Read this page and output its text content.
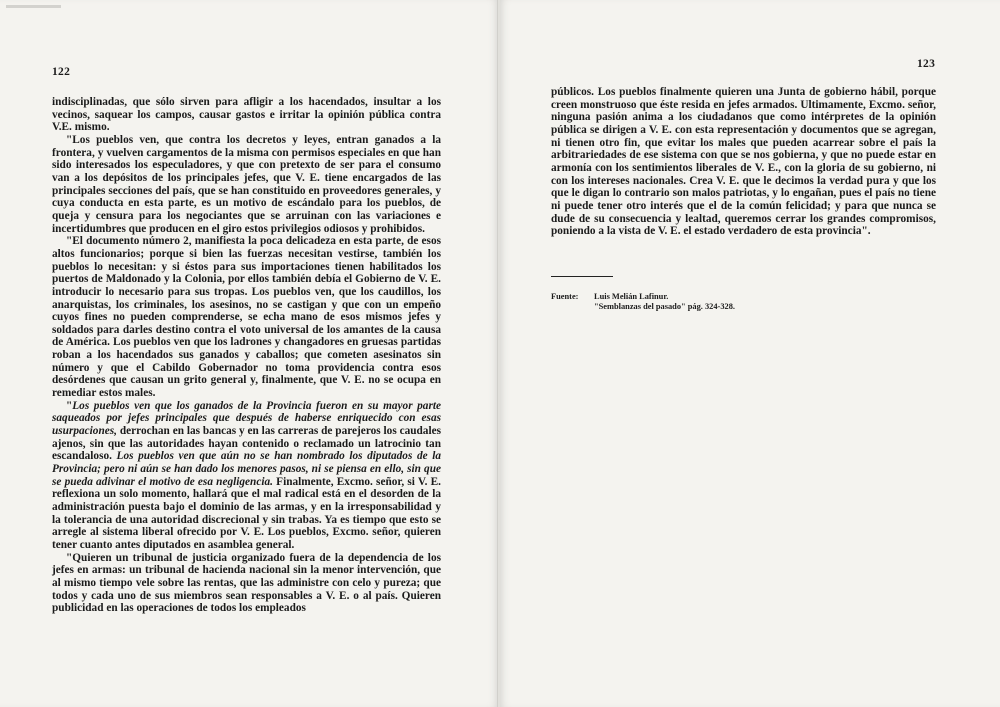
122

indisciplinadas, que sólo sirven para afligir a los hacendados, insultar a los vecinos, saquear los campos, causar gastos e irritar la opinión pública contra V.E. mismo.

"Los pueblos ven, que contra los decretos y leyes, entran ganados a la frontera, y vuelven cargamentos de la misma con permisos especiales en que han sido interesados los especuladores, y que con pretexto de ser para el consumo van a los depósitos de los principales jefes, que V. E. tiene encargados de las principales secciones del país, que se han constituido en proveedores generales, y cuya conducta en esta parte, es un motivo de escándalo para los pueblos, de queja y censura para los negociantes que se arruinan con las variaciones e incertidumbres que producen en el giro estos privilegios odiosos y prohibidos.

"El documento número 2, manifiesta la poca delicadeza en esta parte, de esos altos funcionarios; porque si bien las fuerzas necesitan vestirse, también los pueblos lo necesitan: y si éstos para sus importaciones tienen habilitados los puertos de Maldonado y la Colonia, por ellos también debía el Gobierno de V. E. introducir lo necesario para sus tropas. Los pueblos ven, que los caudillos, los anarquistas, los criminales, los asesinos, no se castigan y que con un empeño cuyos fines no pueden comprenderse, se echa mano de esos mismos jefes y soldados para darles destino contra el voto universal de los amantes de la causa de América. Los pueblos ven que los ladrones y changadores en gruesas partidas roban a los hacendados sus ganados y caballos; que cometen asesinatos sin número y que el Cabildo Gobernador no toma providencia contra esos desórdenes que causan un grito general y, finalmente, que V. E. no se ocupa en remediar estos males.

"Los pueblos ven que los ganados de la Provincia fueron en su mayor parte saqueados por jefes principales que después de haberse enriquecido con esas usurpaciones, derrochan en las bancas y en las carreras de parejeros los caudales ajenos, sin que las autoridades hayan contenido o reclamado un latrocinio tan escandaloso. Los pueblos ven que aún no se han nombrado los diputados de la Provincia; pero ni aún se han dado los menores pasos, ni se piensa en ello, sin que se pueda adivinar el motivo de esa negligencia. Finalmente, Excmo. señor, si V. E. reflexiona un solo momento, hallará que el mal radical está en el desorden de la administración puesta bajo el dominio de las armas, y en la irresponsabilidad y la tolerancia de una autoridad discrecional y sin trabas. Ya es tiempo que esto se arregle al sistema liberal ofrecido por V. E. Los pueblos, Excmo. señor, quieren tener cuanto antes diputados en asamblea general.

"Quieren un tribunal de justicia organizado fuera de la dependencia de los jefes en armas: un tribunal de hacienda nacional sin la menor intervención, que al mismo tiempo vele sobre las rentas, que las administre con celo y pureza; que todos y cada uno de sus miembros sean responsables a V. E. o al país. Quieren publicidad en las operaciones de todos los empleados

123

públicos. Los pueblos finalmente quieren una Junta de gobierno hábil, porque creen monstruoso que éste resida en jefes armados. Ultimamente, Excmo. señor, ninguna pasión anima a los ciudadanos que como intérpretes de la opinión pública se dirigen a V. E. con esta representación y documentos que se agregan, ni tienen otro fin, que evitar los males que pueden acarrear sobre el país la arbitrariedades de ese sistema con que se nos gobierna, y que no puede estar en armonía con los sentimientos liberales de V. E., con la gloria de su gobierno, ni con los intereses nacionales. Crea V. E. que le decimos la verdad pura y que los que le digan lo contrario son malos patriotas, y lo engañan, pues el país no tiene ni puede tener otro interés que el de la común felicidad; y para que nunca se dude de su consecuencia y lealtad, queremos cerrar los grandes compromisos, poniendo a la vista de V. E. el estado verdadero de esta provincia".

Fuente: Luis Melián Lafinur.
"Semblanzas del pasado" pág. 324-328.
